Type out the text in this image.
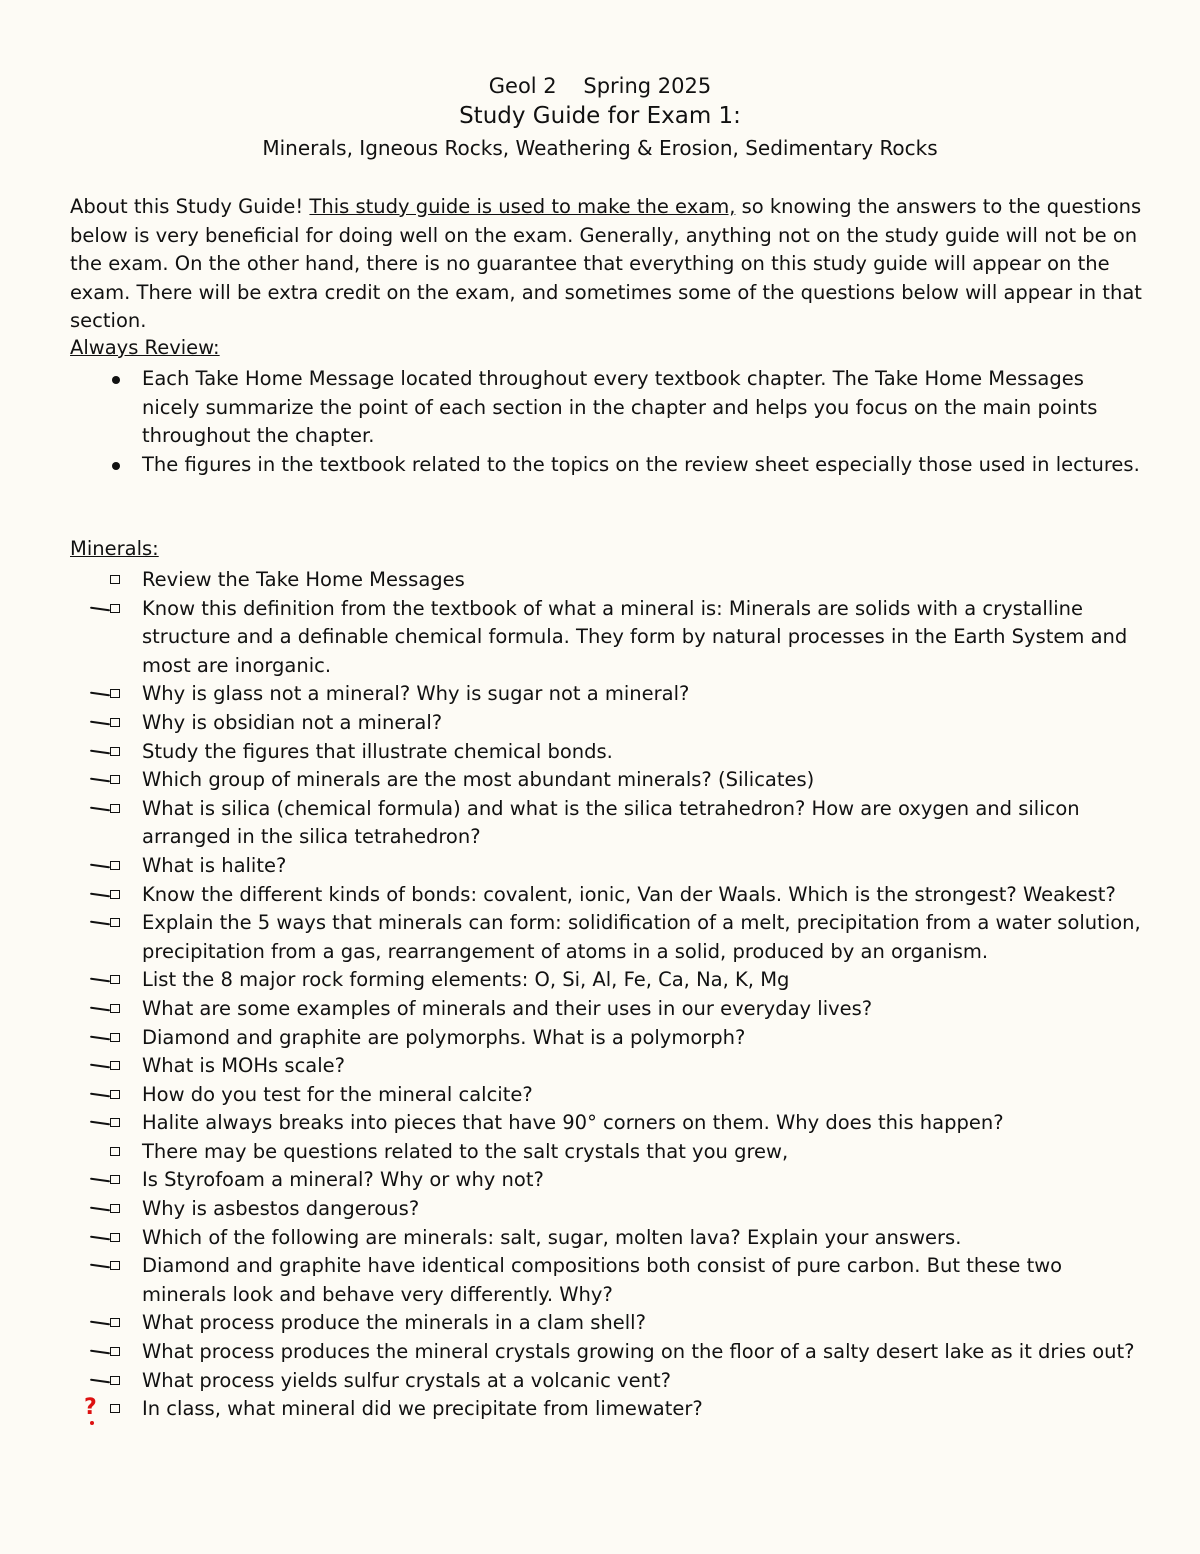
Geol 2    Spring 2025
Study Guide for Exam 1:
Minerals, Igneous Rocks, Weathering & Erosion, Sedimentary Rocks
About this Study Guide! This study guide is used to make the exam, so knowing the answers to the questions below is very beneficial for doing well on the exam. Generally, anything not on the study guide will not be on the exam. On the other hand, there is no guarantee that everything on this study guide will appear on the exam. There will be extra credit on the exam, and sometimes some of the questions below will appear in that section.
Always Review:
Each Take Home Message located throughout every textbook chapter. The Take Home Messages nicely summarize the point of each section in the chapter and helps you focus on the main points throughout the chapter.
The figures in the textbook related to the topics on the review sheet especially those used in lectures.
Minerals:
Review the Take Home Messages
Know this definition from the textbook of what a mineral is: Minerals are solids with a crystalline structure and a definable chemical formula. They form by natural processes in the Earth System and most are inorganic.
Why is glass not a mineral? Why is sugar not a mineral?
Why is obsidian not a mineral?
Study the figures that illustrate chemical bonds.
Which group of minerals are the most abundant minerals? (Silicates)
What is silica (chemical formula) and what is the silica tetrahedron? How are oxygen and silicon arranged in the silica tetrahedron?
What is halite?
Know the different kinds of bonds: covalent, ionic, Van der Waals. Which is the strongest? Weakest?
Explain the 5 ways that minerals can form: solidification of a melt, precipitation from a water solution, precipitation from a gas, rearrangement of atoms in a solid, produced by an organism.
List the 8 major rock forming elements: O, Si, Al, Fe, Ca, Na, K, Mg
What are some examples of minerals and their uses in our everyday lives?
Diamond and graphite are polymorphs. What is a polymorph?
What is MOHs scale?
How do you test for the mineral calcite?
Halite always breaks into pieces that have 90° corners on them. Why does this happen?
There may be questions related to the salt crystals that you grew,
Is Styrofoam a mineral? Why or why not?
Why is asbestos dangerous?
Which of the following are minerals: salt, sugar, molten lava? Explain your answers.
Diamond and graphite have identical compositions both consist of pure carbon. But these two minerals look and behave very differently. Why?
What process produce the minerals in a clam shell?
What process produces the mineral crystals growing on the floor of a salty desert lake as it dries out?
What process yields sulfur crystals at a volcanic vent?
? In class, what mineral did we precipitate from limewater?
